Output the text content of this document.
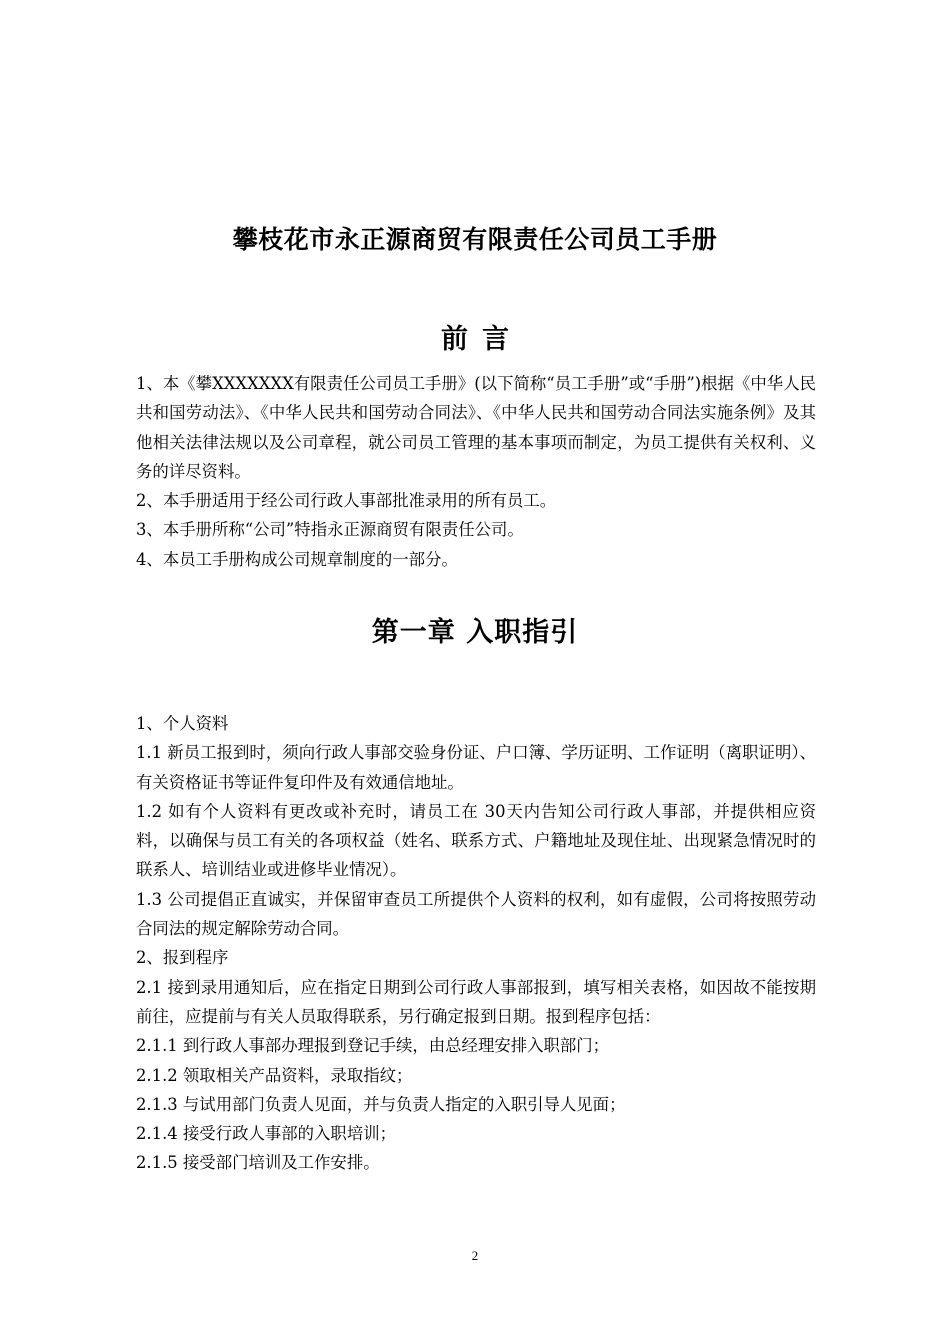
攀枝花市永正源商贸有限责任公司员工手册
前言

1、本《攀XXXXXXX有限责任公司员工手册》(以下简称“员工手册”或“手册”)根据《中华人民共和国劳动法》、《中华人民共和国劳动合同法》、《中华人民共和国劳动合同法实施条例》及其他相关法律法规以及公司章程，就公司员工管理的基本事项而制定，为员工提供有关权利、义务的详尽资料。

2、本手册适用于经公司行政人事部批准录用的所有员工。

3、本手册所称“公司”特指永正源商贸有限责任公司。

4、本员工手册构成公司规章制度的一部分。

第一章 入职指引

1、个人资料

1.1 新员工报到时，须向行政人事部交验身份证、户口簿、学历证明、工作证明（离职证明）、有关资格证书等证件复印件及有效通信地址。

1.2 如有个人资料有更改或补充时，请员工在 30天内告知公司行政人事部，并提供相应资料，以确保与员工有关的各项权益（姓名、联系方式、户籍地址及现住址、出现紧急情况时的联系人、培训结业或进修毕业情况）。

1.3 公司提倡正直诚实，并保留审查员工所提供个人资料的权利，如有虚假，公司将按照劳动合同法的规定解除劳动合同。

2、报到程序

2.1 接到录用通知后，应在指定日期到公司行政人事部报到，填写相关表格，如因故不能按期前往，应提前与有关人员取得联系，另行确定报到日期。报到程序包括：

2.1.1 到行政人事部办理报到登记手续，由总经理安排入职部门；

2.1.2 领取相关产品资料，录取指纹；

2.1.3 与试用部门负责人见面，并与负责人指定的入职引导人见面；

2.1.4 接受行政人事部的入职培训；

2.1.5 接受部门培训及工作安排。

2
